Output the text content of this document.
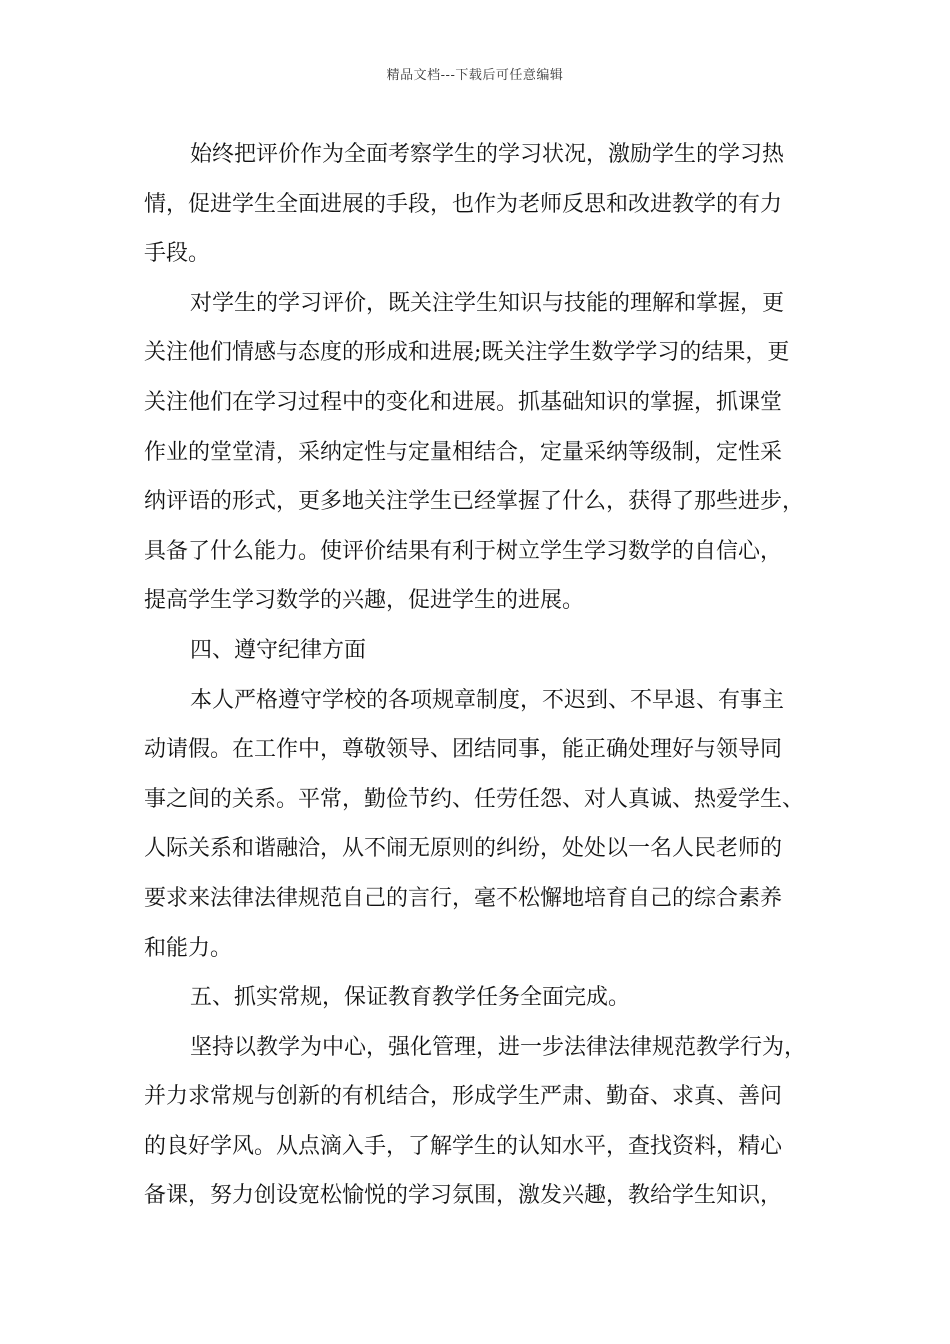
精品文档---下载后可任意编辑
始终把评价作为全面考察学生的学习状况，激励学生的学习热
情，促进学生全面进展的手段，也作为老师反思和改进教学的有力
手段。
对学生的学习评价，既关注学生知识与技能的理解和掌握，更
关注他们情感与态度的形成和进展;既关注学生数学学习的结果，更
关注他们在学习过程中的变化和进展。抓基础知识的掌握，抓课堂
作业的堂堂清，采纳定性与定量相结合，定量采纳等级制，定性采
纳评语的形式，更多地关注学生已经掌握了什么，获得了那些进步，
具备了什么能力。使评价结果有利于树立学生学习数学的自信心，
提高学生学习数学的兴趣，促进学生的进展。
四、遵守纪律方面
本人严格遵守学校的各项规章制度，不迟到、不早退、有事主
动请假。在工作中，尊敬领导、团结同事，能正确处理好与领导同
事之间的关系。平常，勤俭节约、任劳任怨、对人真诚、热爱学生、
人际关系和谐融洽，从不闹无原则的纠纷，处处以一名人民老师的
要求来法律法律规范自己的言行，毫不松懈地培育自己的综合素养
和能力。
五、抓实常规，保证教育教学任务全面完成。
坚持以教学为中心，强化管理，进一步法律法律规范教学行为，
并力求常规与创新的有机结合，形成学生严肃、勤奋、求真、善问
的良好学风。从点滴入手，了解学生的认知水平，查找资料，精心
备课，努力创设宽松愉悦的学习氛围，激发兴趣，教给学生知识，
